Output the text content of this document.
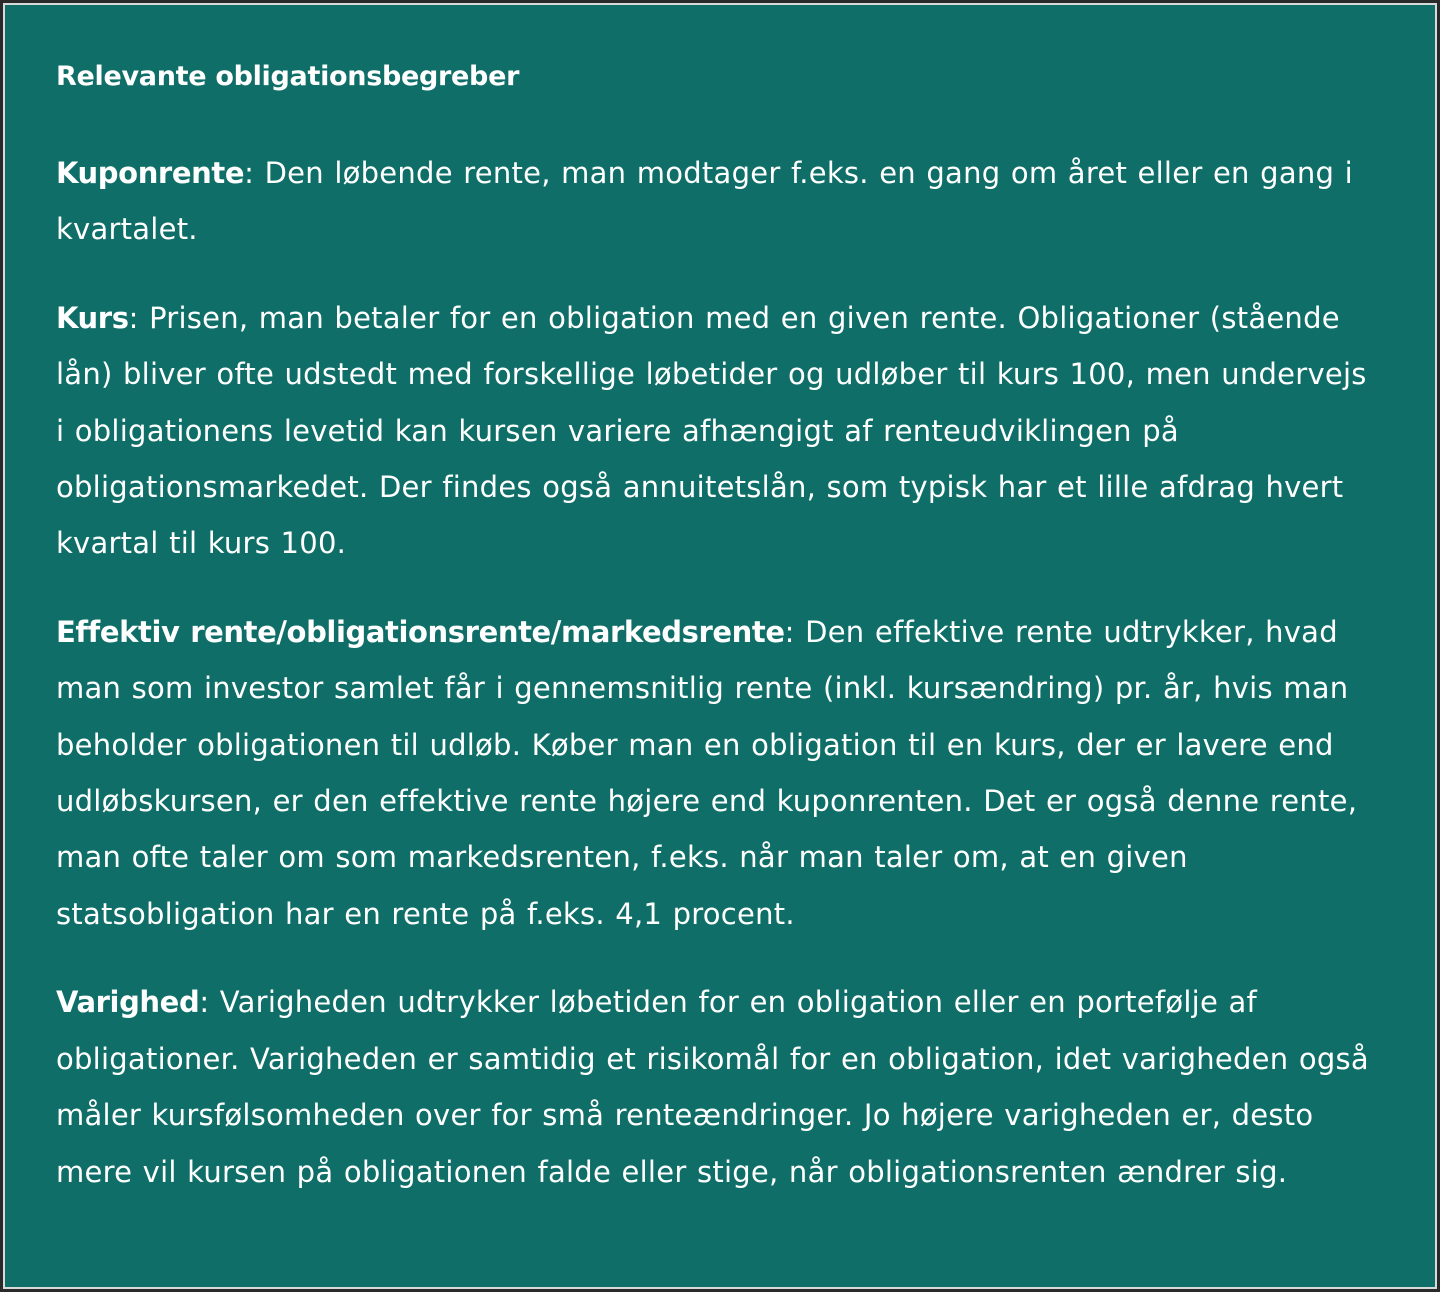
Relevante obligationsbegreber

Kuponrente: Den løbende rente, man modtager f.eks. en gang om året eller en gang i kvartalet.

Kurs: Prisen, man betaler for en obligation med en given rente. Obligationer (stående lån) bliver ofte udstedt med forskellige løbetider og udløber til kurs 100, men undervejs i obligationens levetid kan kursen variere afhængigt af renteudviklingen på obligationsmarkedet. Der findes også annuitetslån, som typisk har et lille afdrag hvert kvartal til kurs 100.

Effektiv rente/obligationsrente/markedsrente: Den effektive rente udtrykker, hvad man som investor samlet får i gennemsnitlig rente (inkl. kursændring) pr. år, hvis man beholder obligationen til udløb. Køber man en obligation til en kurs, der er lavere end udløbskursen, er den effektive rente højere end kuponrenten. Det er også denne rente, man ofte taler om som markedsrenten, f.eks. når man taler om, at en given statsobligation har en rente på f.eks. 4,1 procent.

Varighed: Varigheden udtrykker løbetiden for en obligation eller en portefølje af obligationer. Varigheden er samtidig et risikomål for en obligation, idet varigheden også måler kursfølsomheden over for små renteændringer. Jo højere varigheden er, desto mere vil kursen på obligationen falde eller stige, når obligationsrenten ændrer sig.
